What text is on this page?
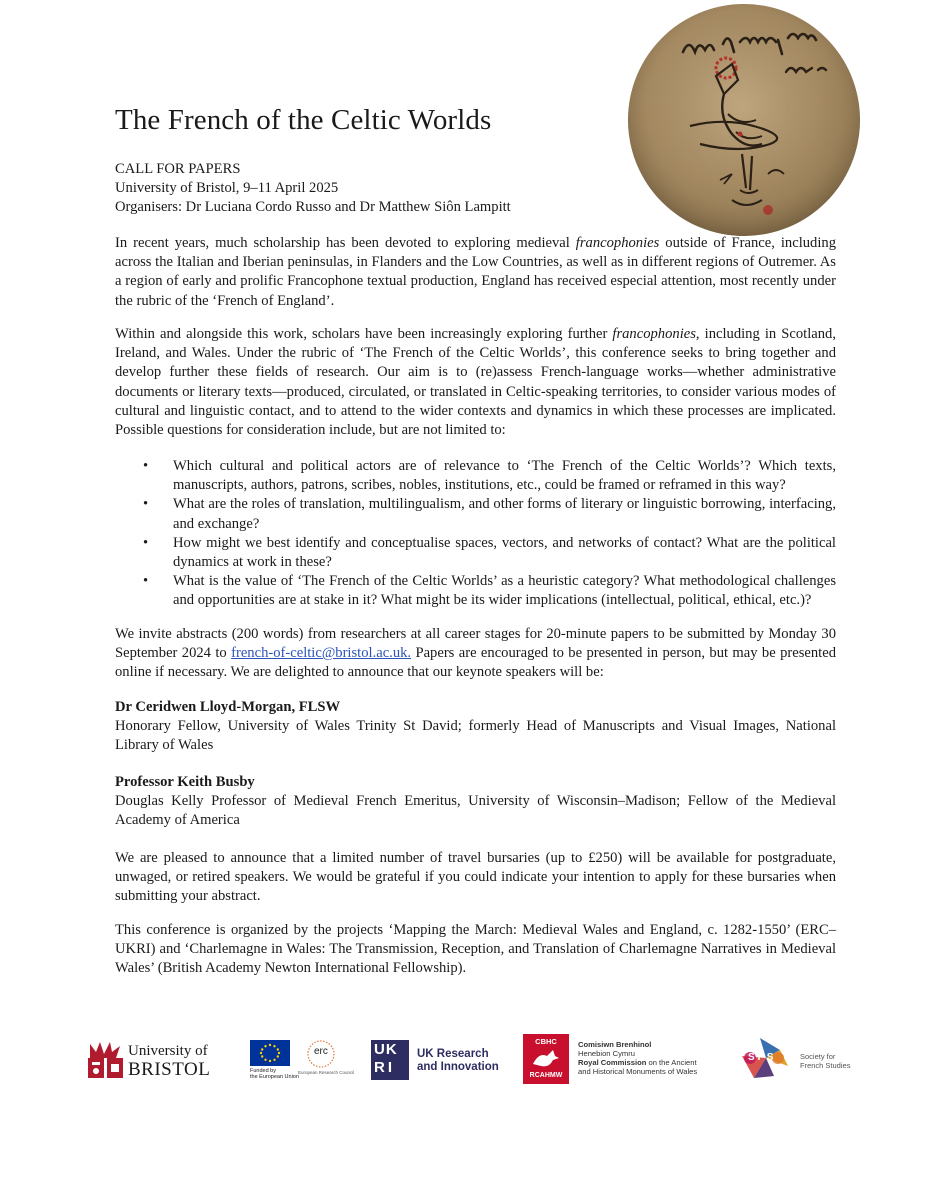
The French of the Celtic Worlds
CALL FOR PAPERS
University of Bristol, 9–11 April 2025
Organisers: Dr Luciana Cordo Russo and Dr Matthew Siôn Lampitt

In recent years, much scholarship has been devoted to exploring medieval francophonies outside of France, including across the Italian and Iberian peninsulas, in Flanders and the Low Countries, as well as in different regions of Outremer. As a region of early and prolific Francophone textual production, England has received especial attention, most recently under the rubric of the ‘French of England’.

Within and alongside this work, scholars have been increasingly exploring further francophonies, including in Scotland, Ireland, and Wales. Under the rubric of ‘The French of the Celtic Worlds’, this conference seeks to bring together and develop further these fields of research. Our aim is to (re)assess French-language works––whether administrative documents or literary texts––produced, circulated, or translated in Celtic-speaking territories, to consider various modes of cultural and linguistic contact, and to attend to the wider contexts and dynamics in which these processes are implicated. Possible questions for consideration include, but are not limited to:

• Which cultural and political actors are of relevance to ‘The French of the Celtic Worlds’? Which texts, manuscripts, authors, patrons, scribes, nobles, institutions, etc., could be framed or reframed in this way?
• What are the roles of translation, multilingualism, and other forms of literary or linguistic borrowing, interfacing, and exchange?
• How might we best identify and conceptualise spaces, vectors, and networks of contact? What are the political dynamics at work in these?
• What is the value of ‘The French of the Celtic Worlds’ as a heuristic category? What methodological challenges and opportunities are at stake in it? What might be its wider implications (intellectual, political, ethical, etc.)?

We invite abstracts (200 words) from researchers at all career stages for 20-minute papers to be submitted by Monday 30 September 2024 to french-of-celtic@bristol.ac.uk. Papers are encouraged to be presented in person, but may be presented online if necessary. We are delighted to announce that our keynote speakers will be:

Dr Ceridwen Lloyd-Morgan, FLSW

Honorary Fellow, University of Wales Trinity St David; formerly Head of Manuscripts and Visual Images, National Library of Wales

Professor Keith Busby

Douglas Kelly Professor of Medieval French Emeritus, University of Wisconsin–Madison; Fellow of the Medieval Academy of America

We are pleased to announce that a limited number of travel bursaries (up to £250) will be available for postgraduate, unwaged, or retired speakers. We would be grateful if you could indicate your intention to apply for these bursaries when submitting your abstract.

This conference is organized by the projects ‘Mapping the March: Medieval Wales and England, c. 1282-1550’ (ERC–UKRI) and ‘Charlemagne in Wales: The Transmission, Reception, and Translation of Charlemagne Narratives in Medieval Wales’ (British Academy Newton International Fellowship).

University of
BRISTOL	Funded by
the European Union
erc
European Research Council
UK
RI
UK Research
and Innovation
CBHC
RCAHMW
Comisiwn Brenhinol
Henebion Cymru
Royal Commission on the Ancient
and Historical Monuments of Wales
SFS	Society for
French Studies
